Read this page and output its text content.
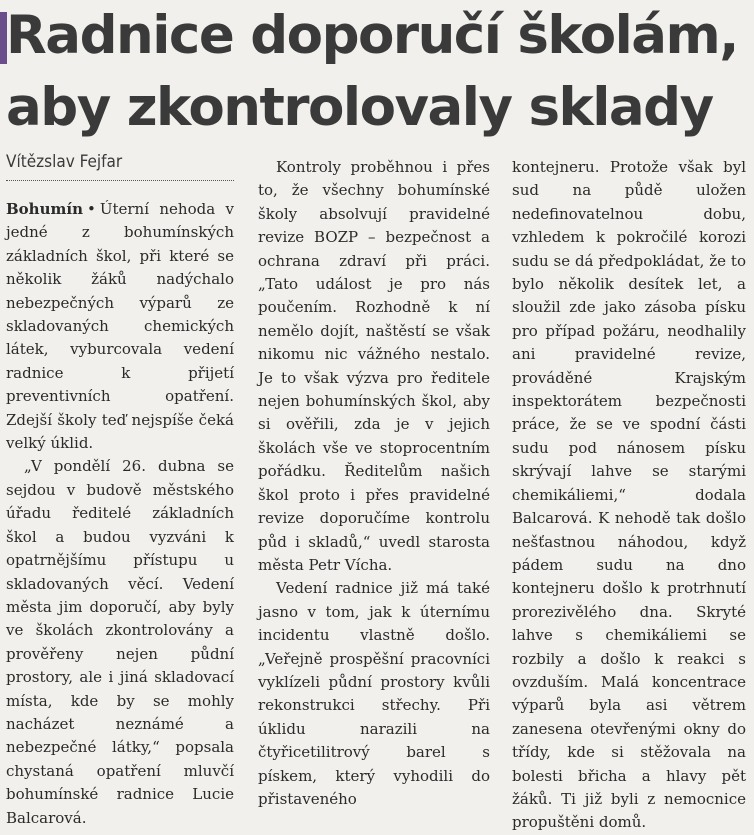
Radnice doporučí školám,
aby zkontrolovaly sklady
Vítězslav Fejfar

Bohumín • Úterní nehoda v jedné z bohumínských základních škol, při které se několik žáků nadýchalo nebezpečných výparů ze skladovaných chemických látek, vyburcovala vedení radnice k přijetí preventivních opatření. Zdejší školy teď nejspíše čeká velký úklid.

„V pondělí 26. dubna se sejdou v budově městského úřadu ředitelé základních škol a budou vyzváni k opatrnějšímu přístupu u skladovaných věcí. Vedení města jim doporučí, aby byly ve školách zkontrolovány a prověřeny nejen půdní prostory, ale i jiná skladovací místa, kde by se mohly nacházet neznámé a nebezpečné látky,“ popsala chystaná opatření mluvčí bohumínské radnice Lucie Balcarová.

Kontroly proběhnou i přes to, že všechny bohumínské školy absolvují pravidelné revize BOZP – bezpečnost a ochrana zdraví při práci. „Tato událost je pro nás poučením. Rozhodně k ní nemělo dojít, naštěstí se však nikomu nic vážného nestalo. Je to však výzva pro ředitele nejen bohumínských škol, aby si ověřili, zda je v jejich školách vše ve stoprocentním pořádku. Ředitelům našich škol proto i přes pravidelné revize doporučíme kontrolu půd i skladů,“ uvedl starosta města Petr Vícha.

Vedení radnice již má také jasno v tom, jak k úternímu incidentu vlastně došlo. „Veřejně prospěšní pracovníci vyklízeli půdní prostory kvůli rekonstrukci střechy. Při úklidu narazili na čtyřicetilitrový barel s pískem, který vyhodili do přistaveného

kontejneru. Protože však byl sud na půdě uložen nedefinovatelnou dobu, vzhledem k pokročilé korozi sudu se dá předpokládat, že to bylo několik desítek let, a sloužil zde jako zásoba písku pro případ požáru, neodhalily ani pravidelné revize, prováděné Krajským inspektorátem bezpečnosti práce, že se ve spodní části sudu pod nánosem písku skrývají lahve se starými chemikáliemi,“ dodala Balcarová. K nehodě tak došlo nešťastnou náhodou, když pádem sudu na dno kontejneru došlo k protrhnutí prorezivělého dna. Skryté lahve s chemikáliemi se rozbily a došlo k reakci s ovzduším. Malá koncentrace výparů byla asi větrem zanesena otevřenými okny do třídy, kde si stěžovala na bolesti břicha a hlavy pět žáků. Ti již byli z nemocnice propuštěni domů.
